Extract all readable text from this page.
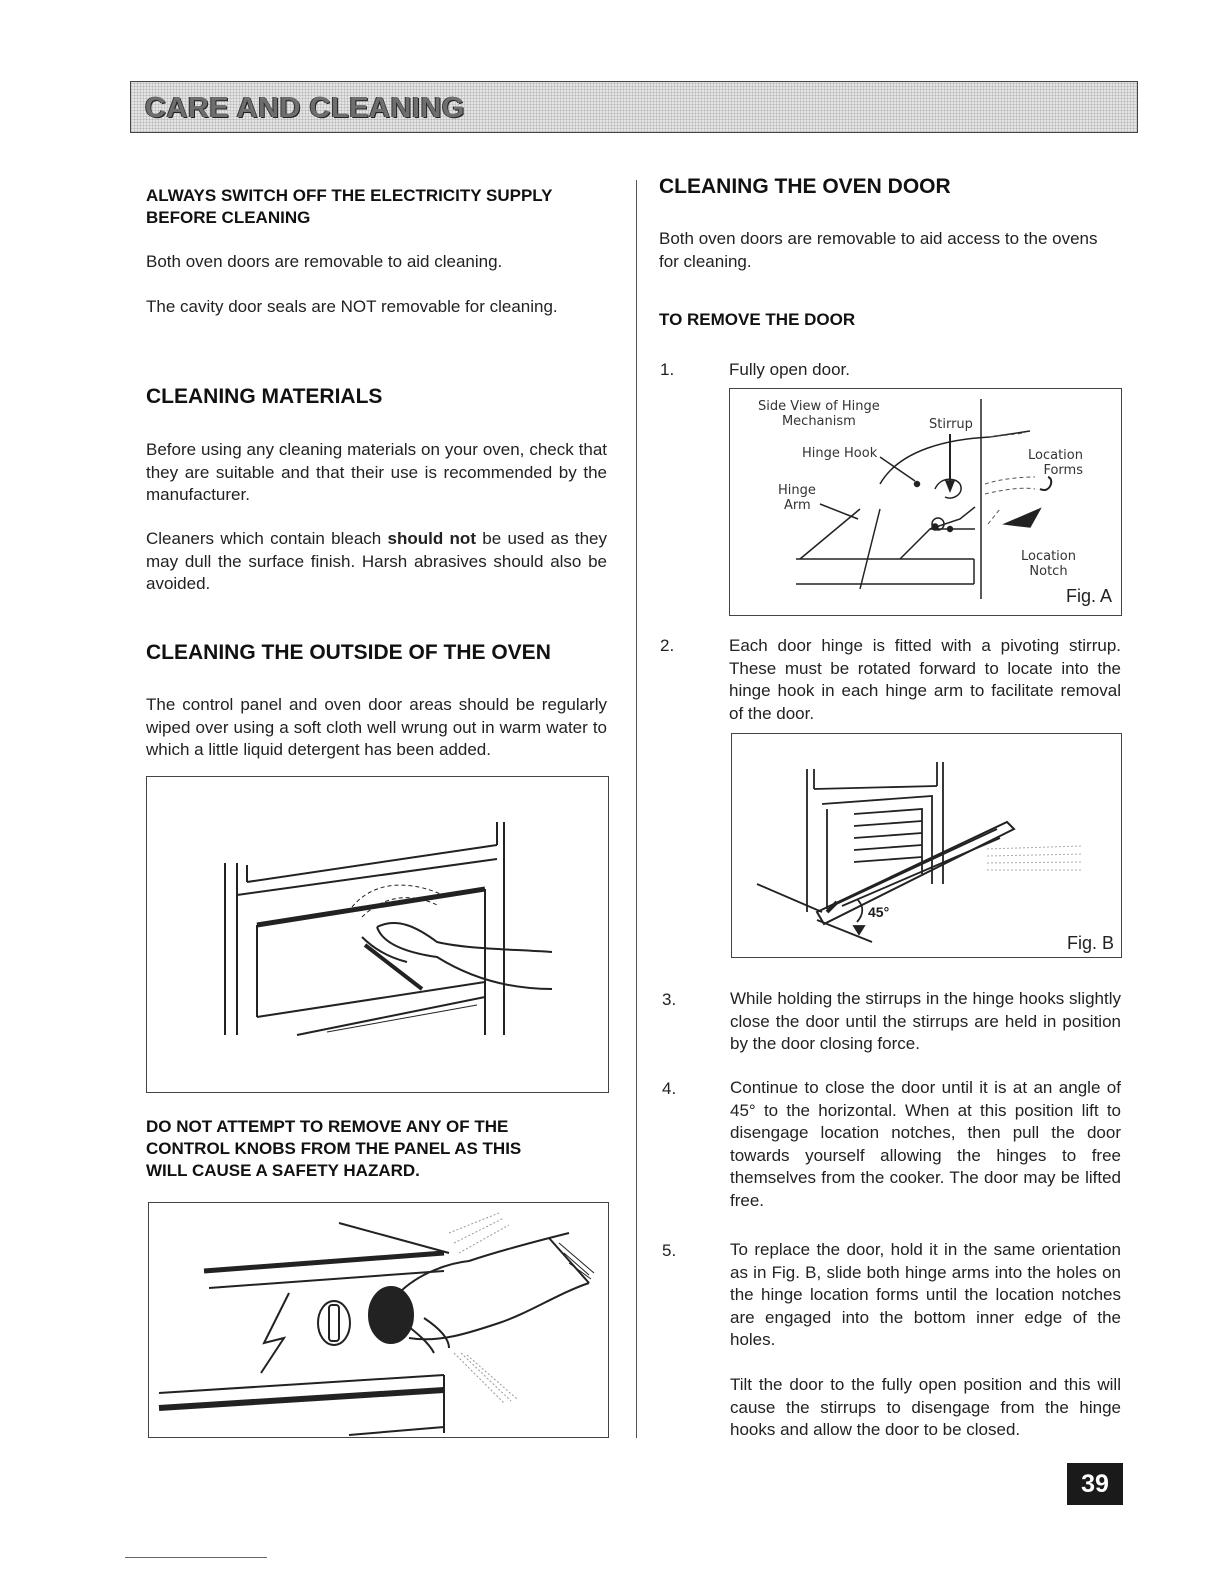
CARE AND CLEANING
ALWAYS SWITCH OFF THE ELECTRICITY SUPPLY
BEFORE CLEANING
Both oven doors are removable to aid cleaning.
The cavity door seals are NOT removable for cleaning.
CLEANING MATERIALS
Before using any cleaning materials on your oven, check that they are suitable and that their use is recommended by the manufacturer.
Cleaners which contain bleach should not be used as they may dull the surface finish. Harsh abrasives should also be avoided.
CLEANING THE OUTSIDE OF THE OVEN
The control panel and oven door areas should be regularly wiped over using a soft cloth well wrung out in warm water to which a little liquid detergent has been added.
DO NOT ATTEMPT TO REMOVE ANY OF THE
CONTROL KNOBS FROM THE PANEL AS THIS
WILL CAUSE A SAFETY HAZARD.
CLEANING THE OVEN DOOR
Both oven doors are removable to aid access to the ovens for cleaning.
TO REMOVE THE DOOR
1.	Fully open door.
Side View of Hinge
Mechanism	Stirrup
Hinge Hook
Hinge
Arm
Location
Forms
Location
Notch
Fig. A
2.	Each door hinge is fitted with a pivoting stirrup. These must be rotated forward to locate into the hinge hook in each hinge arm to facilitate removal of the door.
45°
Fig. B
3.	While holding the stirrups in the hinge hooks slightly close the door until the stirrups are held in position by the door closing force.
4.	Continue to close the door until it is at an angle of 45° to the horizontal. When at this position lift to disengage location notches, then pull the door towards yourself allowing the hinges to free themselves from the cooker. The door may be lifted free.
5.	To replace the door, hold it in the same orientation as in Fig. B, slide both hinge arms into the holes on the hinge location forms until the location notches are engaged into the bottom inner edge of the holes.
Tilt the door to the fully open position and this will cause the stirrups to disengage from the hinge hooks and allow the door to be closed.
39
